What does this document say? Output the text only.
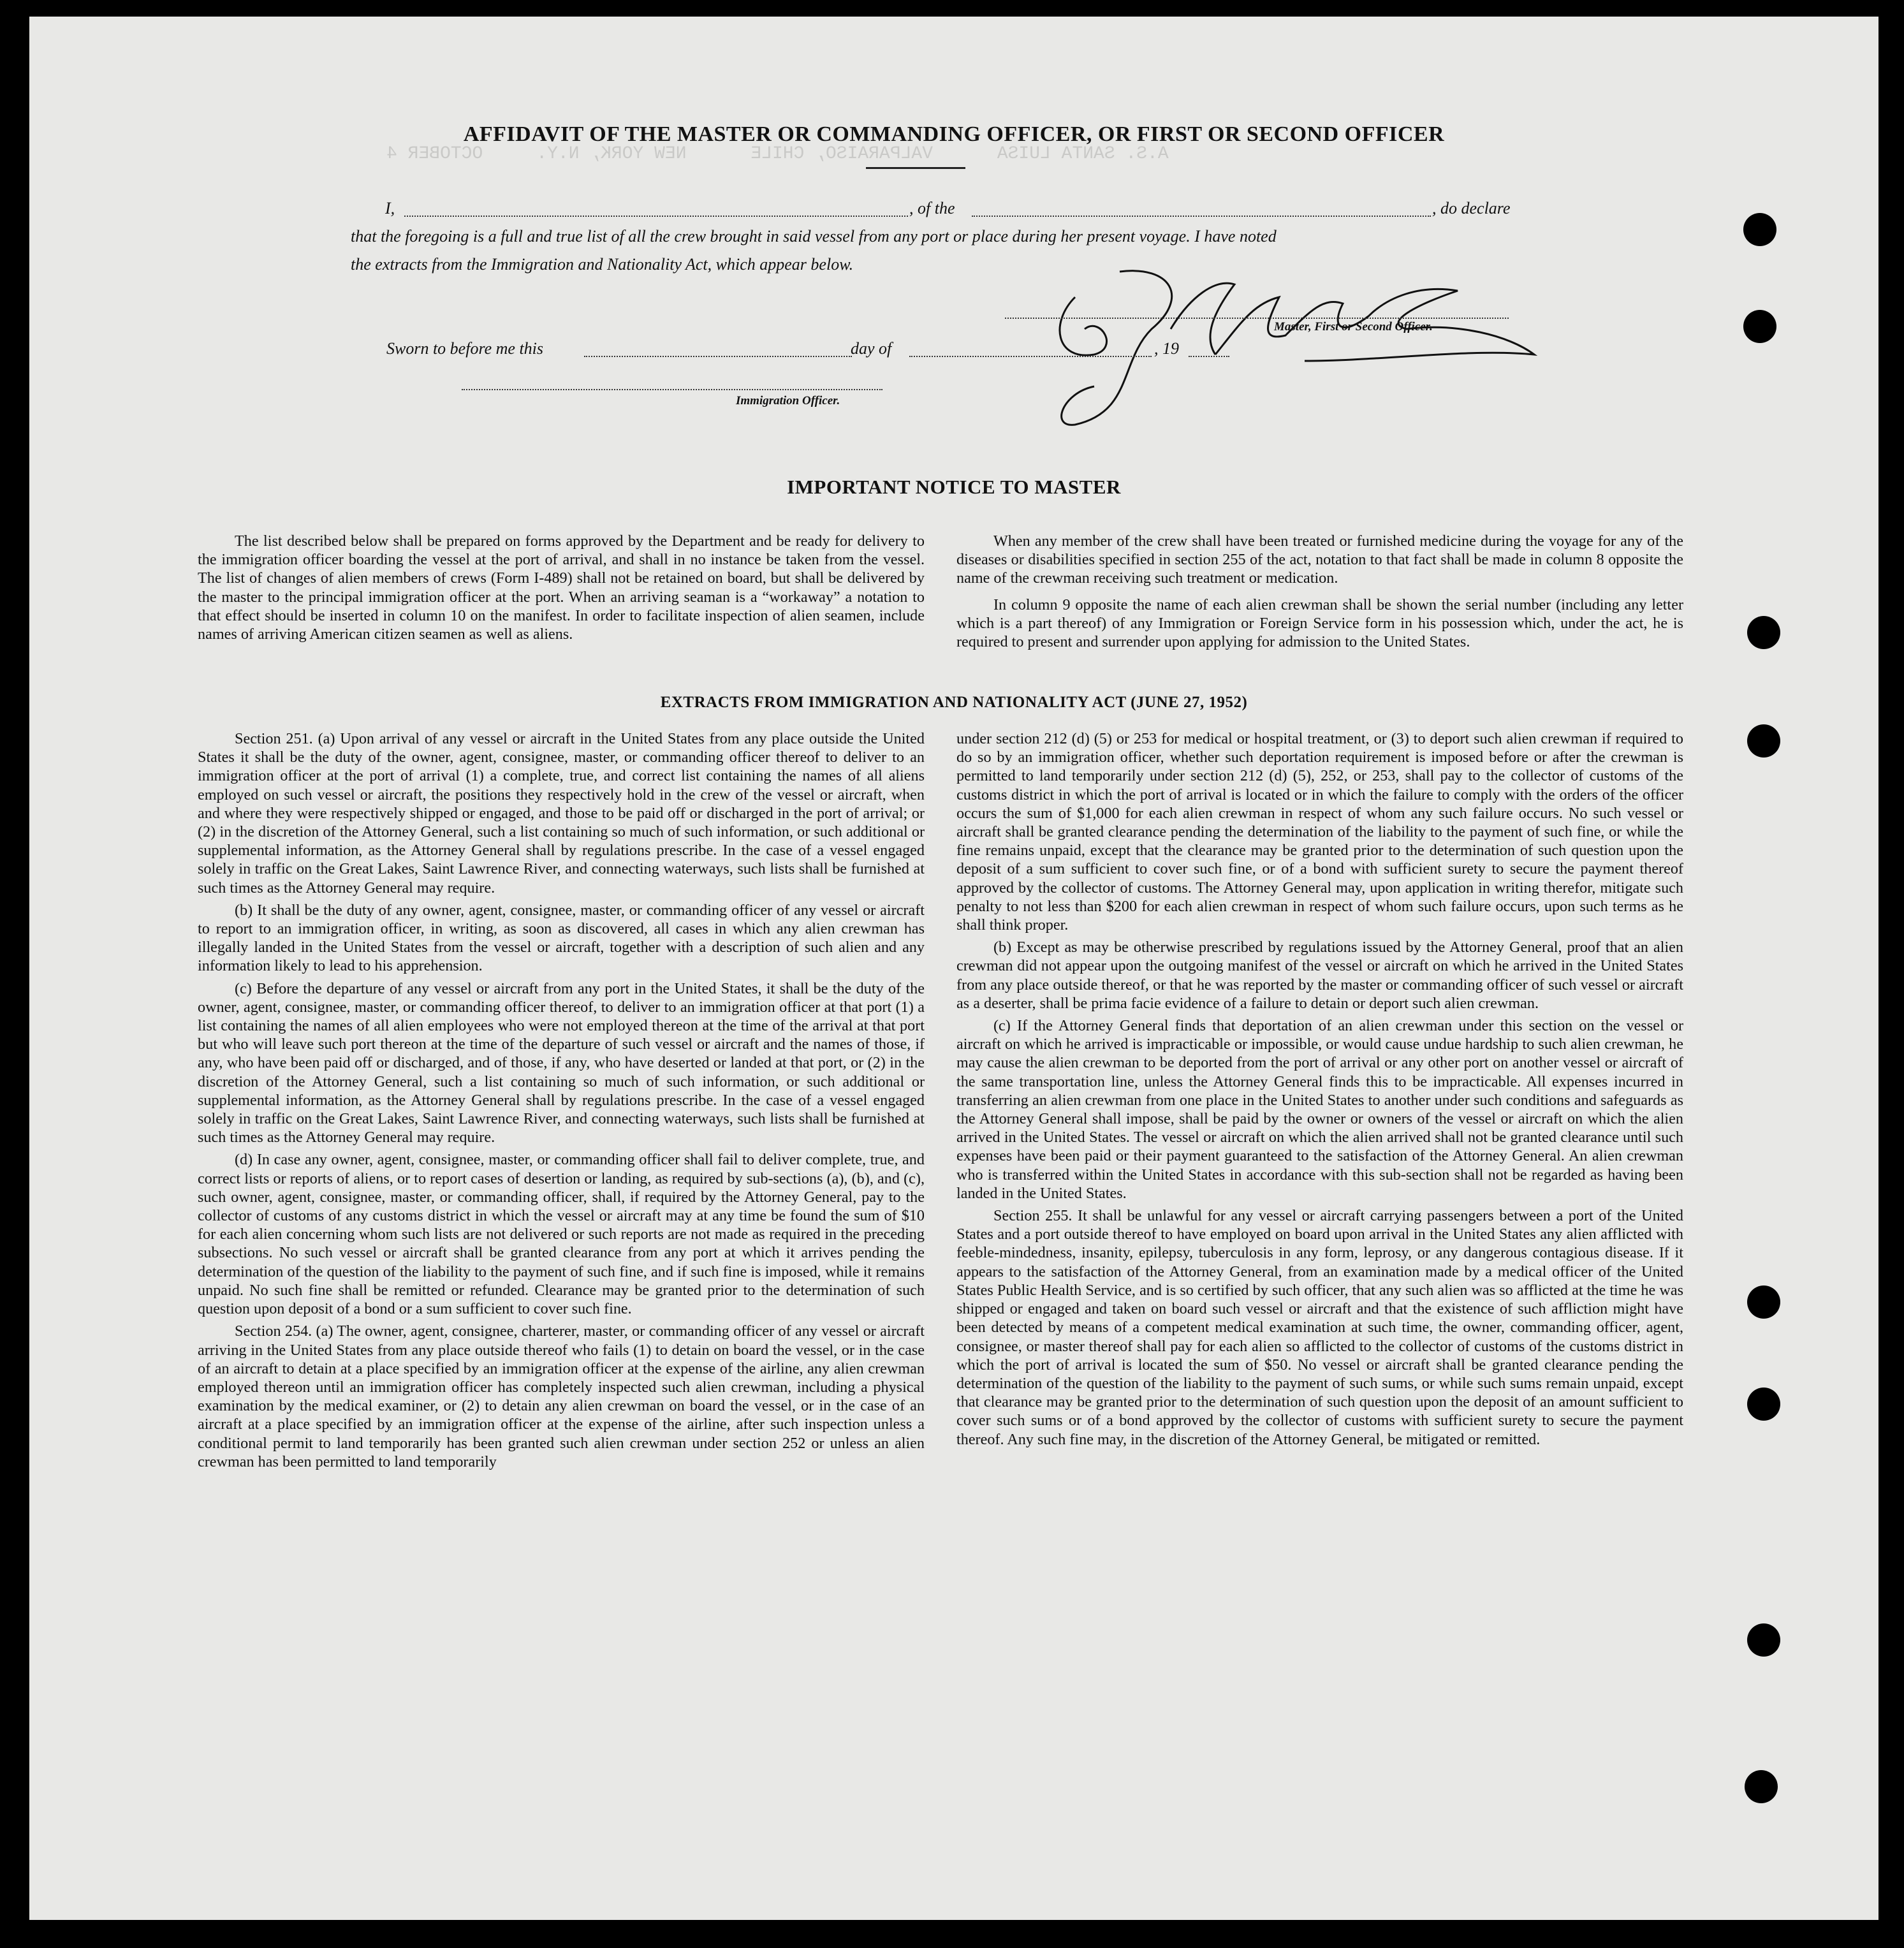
A.S. SANTA LUISA      VALPARAISO, CHILE      NEW YORK, N.Y.     OCTOBER 4
AFFIDAVIT OF THE MASTER OR COMMANDING OFFICER, OR FIRST OR SECOND OFFICER
I,	, of the	, do declare
that the foregoing is a full and true list of all the crew brought in said vessel from any port or place during her present voyage. I have noted
the extracts from the Immigration and Nationality Act, which appear below.
Master, First or Second Officer.
Sworn to before me this	day of	, 19
Immigration Officer.
IMPORTANT NOTICE TO MASTER

The list described below shall be prepared on forms approved by the Department and be ready for delivery to the immigration officer boarding the vessel at the port of arrival, and shall in no instance be taken from the vessel. The list of changes of alien members of crews (Form I-489) shall not be retained on board, but shall be delivered by the master to the principal immigration officer at the port. When an arriving seaman is a “workaway” a notation to that effect should be inserted in column 10 on the manifest. In order to facilitate inspection of alien seamen, include names of arriving American citizen seamen as well as aliens.

When any member of the crew shall have been treated or furnished medicine during the voyage for any of the diseases or disabilities specified in section 255 of the act, notation to that fact shall be made in column 8 opposite the name of the crewman receiving such treatment or medication.

In column 9 opposite the name of each alien crewman shall be shown the serial number (including any letter which is a part thereof) of any Immigration or Foreign Service form in his possession which, under the act, he is required to present and surrender upon applying for admission to the United States.

EXTRACTS FROM IMMIGRATION AND NATIONALITY ACT (JUNE 27, 1952)

Section 251. (a) Upon arrival of any vessel or aircraft in the United States from any place outside the United States it shall be the duty of the owner, agent, consignee, master, or commanding officer thereof to deliver to an immigration officer at the port of arrival (1) a complete, true, and correct list containing the names of all aliens employed on such vessel or aircraft, the positions they respectively hold in the crew of the vessel or aircraft, when and where they were respectively shipped or engaged, and those to be paid off or discharged in the port of arrival; or (2) in the discretion of the Attorney General, such a list containing so much of such information, or such additional or supplemental information, as the Attorney General shall by regulations prescribe. In the case of a vessel engaged solely in traffic on the Great Lakes, Saint Lawrence River, and connecting waterways, such lists shall be furnished at such times as the Attorney General may require.

(b) It shall be the duty of any owner, agent, consignee, master, or commanding officer of any vessel or aircraft to report to an immigration officer, in writing, as soon as discovered, all cases in which any alien crewman has illegally landed in the United States from the vessel or aircraft, together with a description of such alien and any information likely to lead to his apprehension.

(c) Before the departure of any vessel or aircraft from any port in the United States, it shall be the duty of the owner, agent, consignee, master, or commanding officer thereof, to deliver to an immigration officer at that port (1) a list containing the names of all alien employees who were not employed thereon at the time of the arrival at that port but who will leave such port thereon at the time of the departure of such vessel or aircraft and the names of those, if any, who have been paid off or discharged, and of those, if any, who have deserted or landed at that port, or (2) in the discretion of the Attorney General, such a list containing so much of such information, or such additional or supplemental information, as the Attorney General shall by regulations prescribe. In the case of a vessel engaged solely in traffic on the Great Lakes, Saint Lawrence River, and connecting waterways, such lists shall be furnished at such times as the Attorney General may require.

(d) In case any owner, agent, consignee, master, or commanding officer shall fail to deliver complete, true, and correct lists or reports of aliens, or to report cases of desertion or landing, as required by sub-sections (a), (b), and (c), such owner, agent, consignee, master, or commanding officer, shall, if required by the Attorney General, pay to the collector of customs of any customs district in which the vessel or aircraft may at any time be found the sum of $10 for each alien concerning whom such lists are not delivered or such reports are not made as required in the preceding subsections. No such vessel or aircraft shall be granted clearance from any port at which it arrives pending the determination of the question of the liability to the payment of such fine, and if such fine is imposed, while it remains unpaid. No such fine shall be remitted or refunded. Clearance may be granted prior to the determination of such question upon deposit of a bond or a sum sufficient to cover such fine.

Section 254. (a) The owner, agent, consignee, charterer, master, or commanding officer of any vessel or aircraft arriving in the United States from any place outside thereof who fails (1) to detain on board the vessel, or in the case of an aircraft to detain at a place specified by an immigration officer at the expense of the airline, any alien crewman employed thereon until an immigration officer has completely inspected such alien crewman, including a physical examination by the medical examiner, or (2) to detain any alien crewman on board the vessel, or in the case of an aircraft at a place specified by an immigration officer at the expense of the airline, after such inspection unless a conditional permit to land temporarily has been granted such alien crewman under section 252 or unless an alien crewman has been permitted to land temporarily

under section 212 (d) (5) or 253 for medical or hospital treatment, or (3) to deport such alien crewman if required to do so by an immigration officer, whether such deportation requirement is imposed before or after the crewman is permitted to land temporarily under section 212 (d) (5), 252, or 253, shall pay to the collector of customs of the customs district in which the port of arrival is located or in which the failure to comply with the orders of the officer occurs the sum of $1,000 for each alien crewman in respect of whom any such failure occurs. No such vessel or aircraft shall be granted clearance pending the determination of the liability to the payment of such fine, or while the fine remains unpaid, except that the clearance may be granted prior to the determination of such question upon the deposit of a sum sufficient to cover such fine, or of a bond with sufficient surety to secure the payment thereof approved by the collector of customs. The Attorney General may, upon application in writing therefor, mitigate such penalty to not less than $200 for each alien crewman in respect of whom such failure occurs, upon such terms as he shall think proper.

(b) Except as may be otherwise prescribed by regulations issued by the Attorney General, proof that an alien crewman did not appear upon the outgoing manifest of the vessel or aircraft on which he arrived in the United States from any place outside thereof, or that he was reported by the master or commanding officer of such vessel or aircraft as a deserter, shall be prima facie evidence of a failure to detain or deport such alien crewman.

(c) If the Attorney General finds that deportation of an alien crewman under this section on the vessel or aircraft on which he arrived is impracticable or impossible, or would cause undue hardship to such alien crewman, he may cause the alien crewman to be deported from the port of arrival or any other port on another vessel or aircraft of the same transportation line, unless the Attorney General finds this to be impracticable. All expenses incurred in transferring an alien crewman from one place in the United States to another under such conditions and safeguards as the Attorney General shall impose, shall be paid by the owner or owners of the vessel or aircraft on which the alien arrived in the United States. The vessel or aircraft on which the alien arrived shall not be granted clearance until such expenses have been paid or their payment guaranteed to the satisfaction of the Attorney General. An alien crewman who is transferred within the United States in accordance with this sub-section shall not be regarded as having been landed in the United States.

Section 255. It shall be unlawful for any vessel or aircraft carrying passengers between a port of the United States and a port outside thereof to have employed on board upon arrival in the United States any alien afflicted with feeble-mindedness, insanity, epilepsy, tuberculosis in any form, leprosy, or any dangerous contagious disease. If it appears to the satisfaction of the Attorney General, from an examination made by a medical officer of the United States Public Health Service, and is so certified by such officer, that any such alien was so afflicted at the time he was shipped or engaged and taken on board such vessel or aircraft and that the existence of such affliction might have been detected by means of a competent medical examination at such time, the owner, commanding officer, agent, consignee, or master thereof shall pay for each alien so afflicted to the collector of customs of the customs district in which the port of arrival is located the sum of $50. No vessel or aircraft shall be granted clearance pending the determination of the question of the liability to the payment of such sums, or while such sums remain unpaid, except that clearance may be granted prior to the determination of such question upon the deposit of an amount sufficient to cover such sums or of a bond approved by the collector of customs with sufficient surety to secure the payment thereof. Any such fine may, in the discretion of the Attorney General, be mitigated or remitted.
